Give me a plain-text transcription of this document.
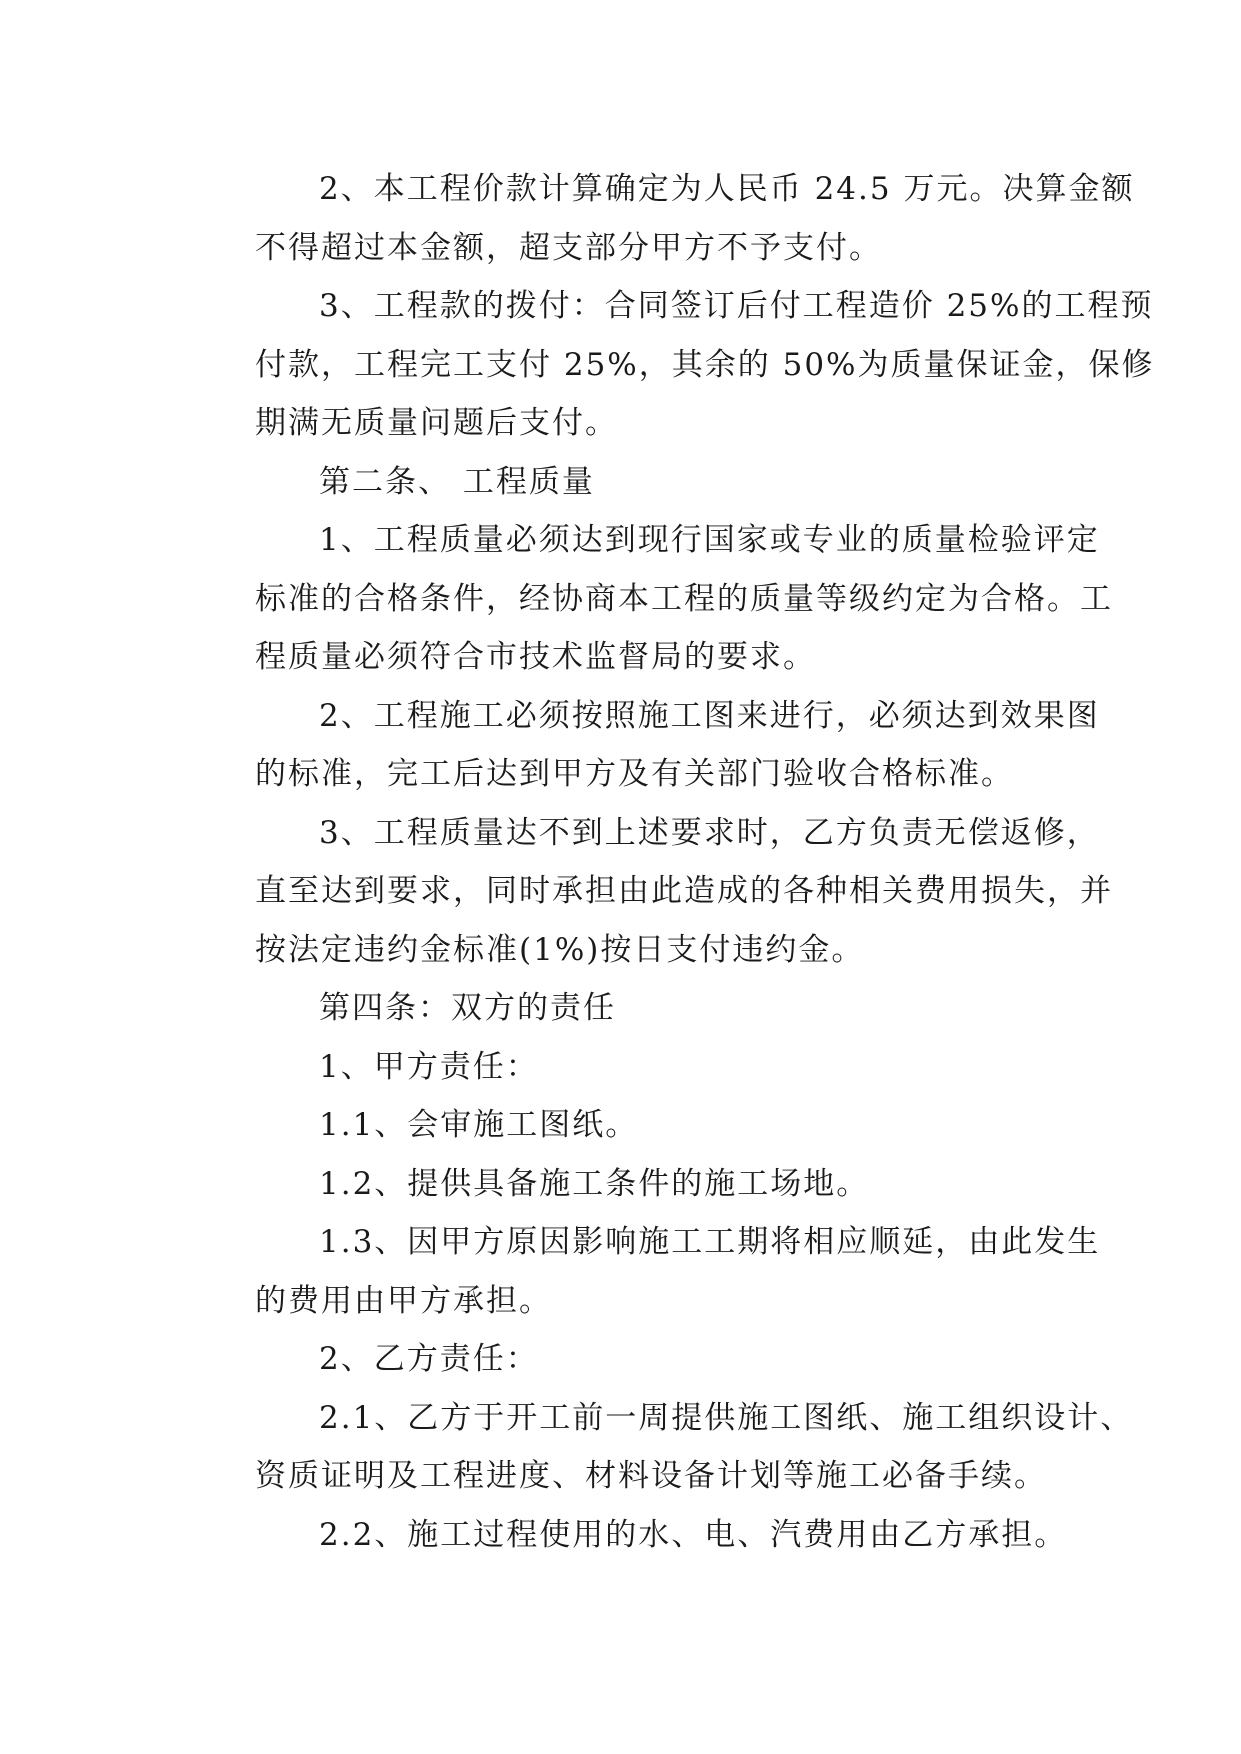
2、本工程价款计算确定为人民币 24.5 万元。决算金额
不得超过本金额，超支部分甲方不予支付。
3、工程款的拨付：合同签订后付工程造价 25%的工程预
付款，工程完工支付 25%，其余的 50%为质量保证金，保修
期满无质量问题后支付。
第二条、 工程质量
1、工程质量必须达到现行国家或专业的质量检验评定
标准的合格条件，经协商本工程的质量等级约定为合格。工
程质量必须符合市技术监督局的要求。
2、工程施工必须按照施工图来进行，必须达到效果图
的标准，完工后达到甲方及有关部门验收合格标准。
3、工程质量达不到上述要求时，乙方负责无偿返修，
直至达到要求，同时承担由此造成的各种相关费用损失，并
按法定违约金标准(1%)按日支付违约金。
第四条：双方的责任
1、甲方责任：
1.1、会审施工图纸。
1.2、提供具备施工条件的施工场地。
1.3、因甲方原因影响施工工期将相应顺延，由此发生
的费用由甲方承担。
2、乙方责任：
2.1、乙方于开工前一周提供施工图纸、施工组织设计、
资质证明及工程进度、材料设备计划等施工必备手续。
2.2、施工过程使用的水、电、汽费用由乙方承担。
